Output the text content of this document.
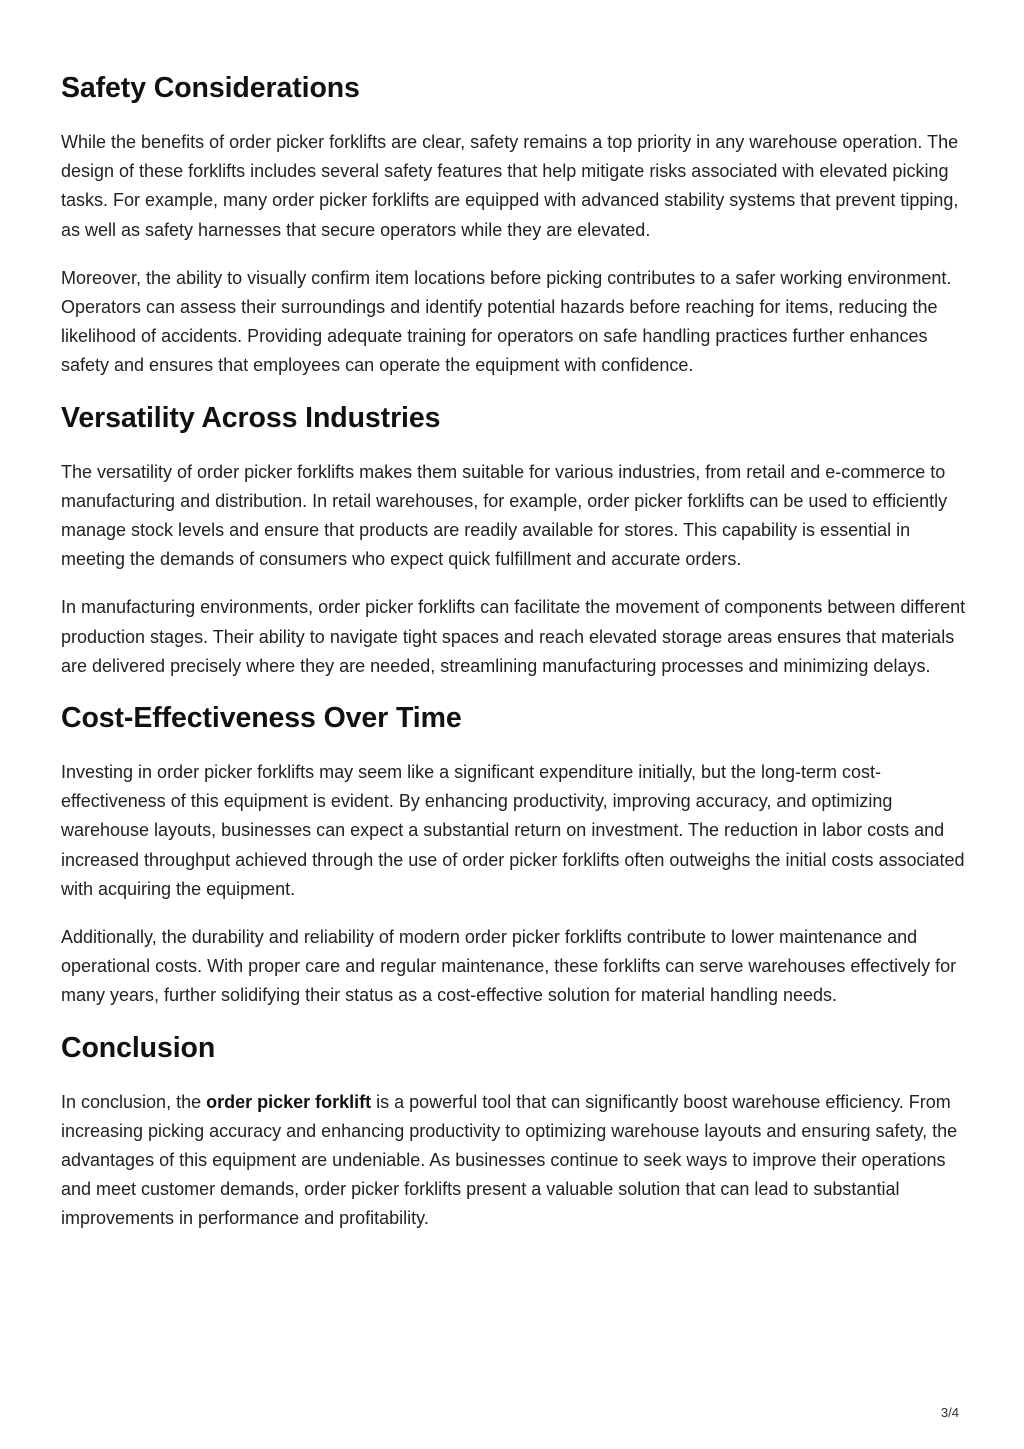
Safety Considerations

While the benefits of order picker forklifts are clear, safety remains a top priority in any warehouse operation. The design of these forklifts includes several safety features that help mitigate risks associated with elevated picking tasks. For example, many order picker forklifts are equipped with advanced stability systems that prevent tipping, as well as safety harnesses that secure operators while they are elevated.

Moreover, the ability to visually confirm item locations before picking contributes to a safer working environment. Operators can assess their surroundings and identify potential hazards before reaching for items, reducing the likelihood of accidents. Providing adequate training for operators on safe handling practices further enhances safety and ensures that employees can operate the equipment with confidence.

Versatility Across Industries

The versatility of order picker forklifts makes them suitable for various industries, from retail and e-commerce to manufacturing and distribution. In retail warehouses, for example, order picker forklifts can be used to efficiently manage stock levels and ensure that products are readily available for stores. This capability is essential in meeting the demands of consumers who expect quick fulfillment and accurate orders.

In manufacturing environments, order picker forklifts can facilitate the movement of components between different production stages. Their ability to navigate tight spaces and reach elevated storage areas ensures that materials are delivered precisely where they are needed, streamlining manufacturing processes and minimizing delays.

Cost-Effectiveness Over Time

Investing in order picker forklifts may seem like a significant expenditure initially, but the long-term cost-effectiveness of this equipment is evident. By enhancing productivity, improving accuracy, and optimizing warehouse layouts, businesses can expect a substantial return on investment. The reduction in labor costs and increased throughput achieved through the use of order picker forklifts often outweighs the initial costs associated with acquiring the equipment.

Additionally, the durability and reliability of modern order picker forklifts contribute to lower maintenance and operational costs. With proper care and regular maintenance, these forklifts can serve warehouses effectively for many years, further solidifying their status as a cost-effective solution for material handling needs.

Conclusion

In conclusion, the order picker forklift is a powerful tool that can significantly boost warehouse efficiency. From increasing picking accuracy and enhancing productivity to optimizing warehouse layouts and ensuring safety, the advantages of this equipment are undeniable. As businesses continue to seek ways to improve their operations and meet customer demands, order picker forklifts present a valuable solution that can lead to substantial improvements in performance and profitability.

3/4
